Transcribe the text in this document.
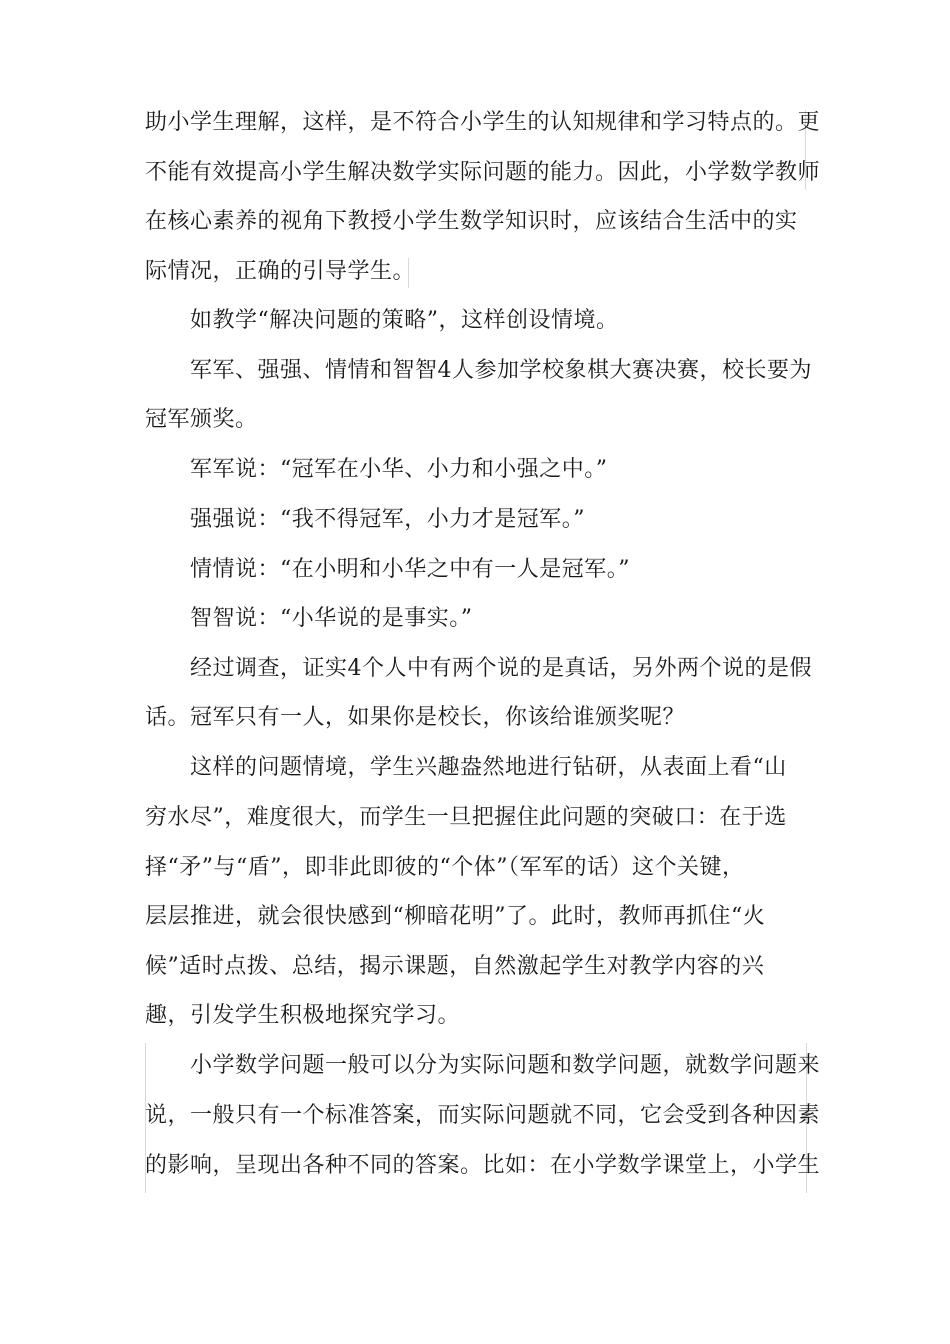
助小学生理解，这样，是不符合小学生的认知规律和学习特点的。更
不能有效提高小学生解决数学实际问题的能力。因此，小学数学教师
在核心素养的视角下教授小学生数学知识时，应该结合生活中的实
际情况，正确的引导学生。
如教学“解决问题的策略”，这样创设情境。
军军、强强、情情和智智4人参加学校象棋大赛决赛，校长要为
冠军颁奖。
军军说：“冠军在小华、小力和小强之中。”
强强说：“我不得冠军，小力才是冠军。”
情情说：“在小明和小华之中有一人是冠军。”
智智说：“小华说的是事实。”
经过调查，证实4个人中有两个说的是真话，另外两个说的是假
话。冠军只有一人，如果你是校长，你该给谁颁奖呢？
这样的问题情境，学生兴趣盎然地进行钻研，从表面上看“山
穷水尽”，难度很大，而学生一旦把握住此问题的突破口：在于选
择“矛”与“盾”，即非此即彼的“个体”（军军的话）这个关键，
层层推进，就会很快感到“柳暗花明”了。此时，教师再抓住“火
候”适时点拨、总结，揭示课题，自然激起学生对教学内容的兴
趣，引发学生积极地探究学习。
小学数学问题一般可以分为实际问题和数学问题，就数学问题来
说，一般只有一个标准答案，而实际问题就不同，它会受到各种因素
的影响，呈现出各种不同的答案。比如：在小学数学课堂上，小学生
